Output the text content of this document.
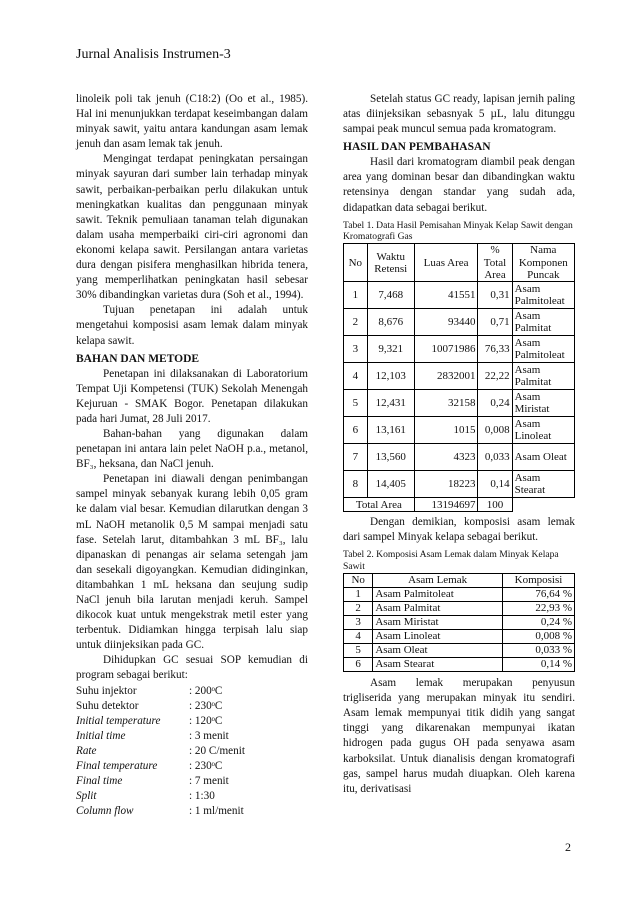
Jurnal Analisis Instrumen-3

linoleik poli tak jenuh (C18:2) (Oo et al., 1985). Hal ini menunjukkan terdapat keseimbangan dalam minyak sawit, yaitu antara kandungan asam lemak jenuh dan asam lemak tak jenuh.

Mengingat terdapat peningkatan persaingan minyak sayuran dari sumber lain terhadap minyak sawit, perbaikan-perbaikan perlu dilakukan untuk meningkatkan kualitas dan penggunaan minyak sawit. Teknik pemuliaan tanaman telah digunakan dalam usaha memperbaiki ciri-ciri agronomi dan ekonomi kelapa sawit. Persilangan antara varietas dura dengan pisifera menghasilkan hibrida tenera, yang memperlihatkan peningkatan hasil sebesar 30% dibandingkan varietas dura (Soh et al., 1994).

Tujuan penetapan ini adalah untuk mengetahui komposisi asam lemak dalam minyak kelapa sawit.

BAHAN DAN METODE

Penetapan ini dilaksanakan di Laboratorium Tempat Uji Kompetensi (TUK) Sekolah Menengah Kejuruan - SMAK Bogor. Penetapan dilakukan pada hari Jumat, 28 Juli 2017.

Bahan-bahan yang digunakan dalam penetapan ini antara lain pelet NaOH p.a., metanol, BF₃, heksana, dan NaCl jenuh.

Penetapan ini diawali dengan penimbangan sampel minyak sebanyak kurang lebih 0,05 gram ke dalam vial besar. Kemudian dilarutkan dengan 3 mL NaOH metanolik 0,5 M sampai menjadi satu fase. Setelah larut, ditambahkan 3 mL BF₃, lalu dipanaskan di penangas air selama setengah jam dan sesekali digoyangkan. Kemudian didinginkan, ditambahkan 1 mL heksana dan seujung sudip NaCl jenuh bila larutan menjadi keruh. Sampel dikocok kuat untuk mengekstrak metil ester yang terbentuk. Didiamkan hingga terpisah lalu siap untuk diinjeksikan pada GC.

Dihidupkan GC sesuai SOP kemudian di program sebagai berikut:

Suhu injektor	: 200ᵒC
Suhu detektor	: 230ᵒC
Initial temperature	: 120ᵒC
Initial time	: 3 menit
Rate	: 20 C/menit
Final temperature	: 230ᵒC
Final time	: 7 menit
Split	: 1:30
Column flow	: 1 ml/menit

Setelah status GC ready, lapisan jernih paling atas diinjeksikan sebasnyak 5 µL, lalu ditunggu sampai peak muncul semua pada kromatogram.

HASIL DAN PEMBAHASAN

Hasil dari kromatogram diambil peak dengan area yang dominan besar dan dibandingkan waktu retensinya dengan standar yang sudah ada, didapatkan data sebagai berikut.

Tabel 1. Data Hasil Pemisahan Minyak Kelap Sawit dengan Kromatografi Gas
No	Waktu Retensi	Luas Area	% Total Area	Nama Komponen Puncak
1	7,468	41551	0,31	Asam Palmitoleat
2	8,676	93440	0,71	Asam Palmitat
3	9,321	10071986	76,33	Asam Palmitoleat
4	12,103	2832001	22,22	Asam Palmitat
5	12,431	32158	0,24	Asam Miristat
6	13,161	1015	0,008	Asam Linoleat
7	13,560	4323	0,033	Asam Oleat
8	14,405	18223	0,14	Asam Stearat
Total Area		13194697	100	

Dengan demikian, komposisi asam lemak dari sampel Minyak kelapa sebagai berikut.

Tabel 2. Komposisi Asam Lemak dalam Minyak Kelapa Sawit
No	Asam Lemak	Komposisi
1	Asam Palmitoleat	76,64 %
2	Asam Palmitat	22,93 %
3	Asam Miristat	0,24 %
4	Asam Linoleat	0,008 %
5	Asam Oleat	0,033 %
6	Asam Stearat	0,14 %

Asam lemak merupakan penyusun trigliserida yang merupakan minyak itu sendiri. Asam lemak mempunyai titik didih yang sangat tinggi yang dikarenakan mempunyai ikatan hidrogen pada gugus OH pada senyawa asam karboksilat. Untuk dianalisis dengan kromatografi gas, sampel harus mudah diuapkan. Oleh karena itu, derivatisasi

2
